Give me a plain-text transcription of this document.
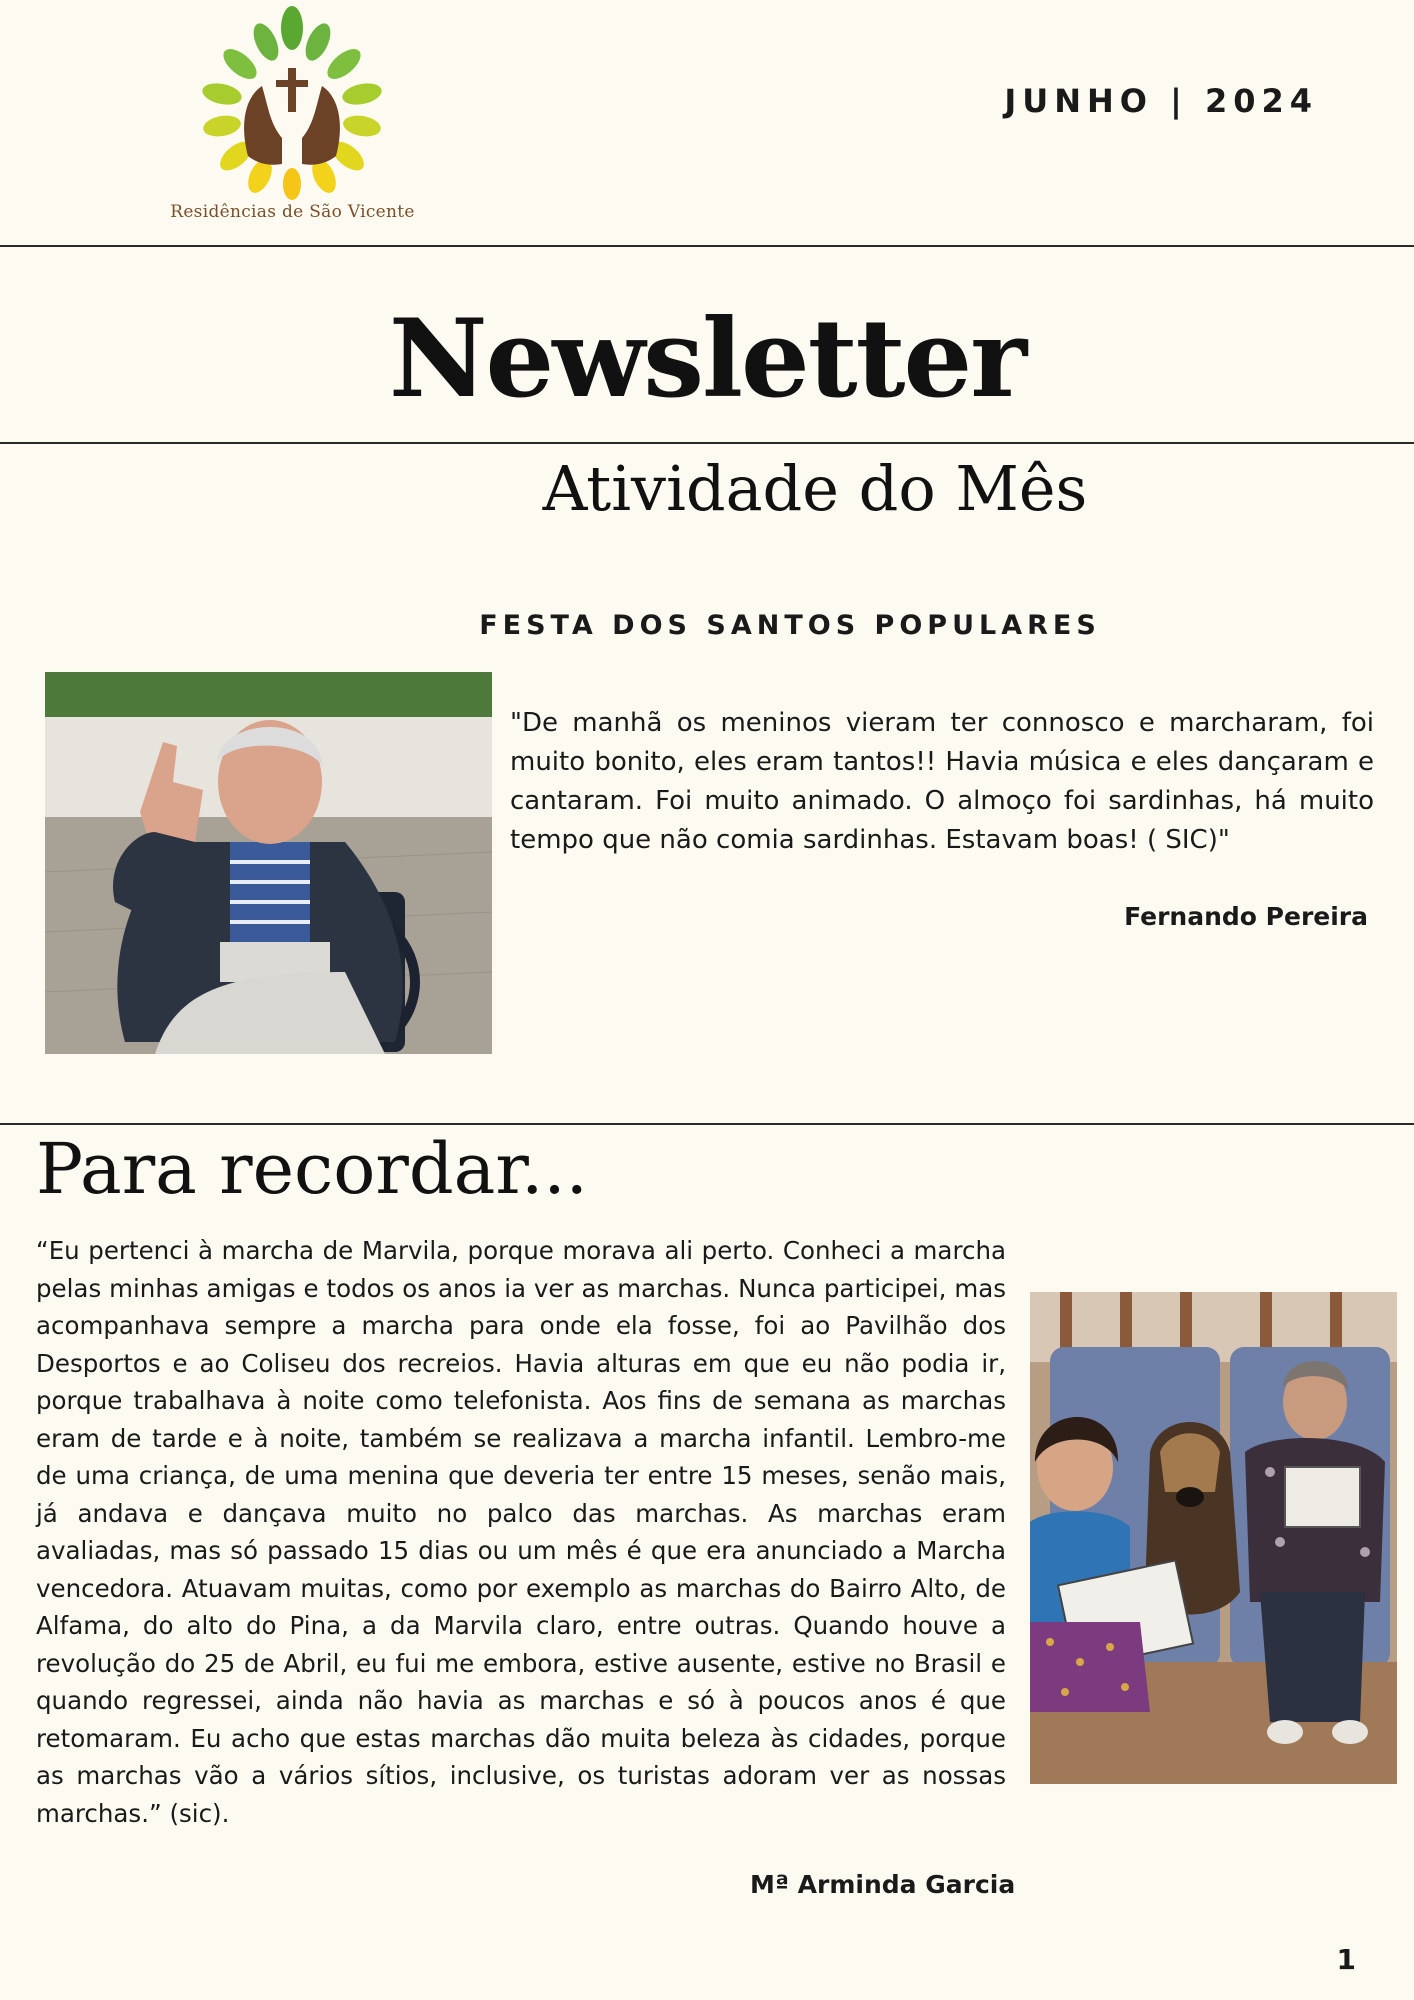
Residências de São Vicente
JUNHO | 2024
Newsletter
Atividade do Mês
FESTA DOS SANTOS POPULARES
"De manhã os meninos vieram ter connosco e marcharam, foi muito bonito, eles eram tantos!! Havia música e eles dançaram e cantaram. Foi muito animado. O almoço foi sardinhas, há muito tempo que não comia sardinhas. Estavam boas! ( SIC)"
Fernando Pereira
Para recordar...
“Eu pertenci à marcha de Marvila, porque morava ali perto. Conheci a marcha pelas minhas amigas e todos os anos ia ver as marchas. Nunca participei, mas acompanhava sempre a marcha para onde ela fosse, foi ao Pavilhão dos Desportos e ao Coliseu dos recreios. Havia alturas em que eu não podia ir, porque trabalhava à noite como telefonista. Aos fins de semana as marchas eram de tarde e à noite, também se realizava a marcha infantil. Lembro-me de uma criança, de uma menina que deveria ter entre 15 meses, senão mais, já andava e dançava muito no palco das marchas. As marchas eram avaliadas, mas só passado 15 dias ou um mês é que era anunciado a Marcha vencedora. Atuavam muitas, como por exemplo as marchas do Bairro Alto, de Alfama, do alto do Pina, a da Marvila claro, entre outras. Quando houve a revolução do 25 de Abril, eu fui me embora, estive ausente, estive no Brasil e quando regressei, ainda não havia as marchas e só à poucos anos é que retomaram. Eu acho que estas marchas dão muita beleza às cidades, porque as marchas vão a vários sítios, inclusive, os turistas adoram ver as nossas marchas.” (sic).
Mª Arminda Garcia
1
